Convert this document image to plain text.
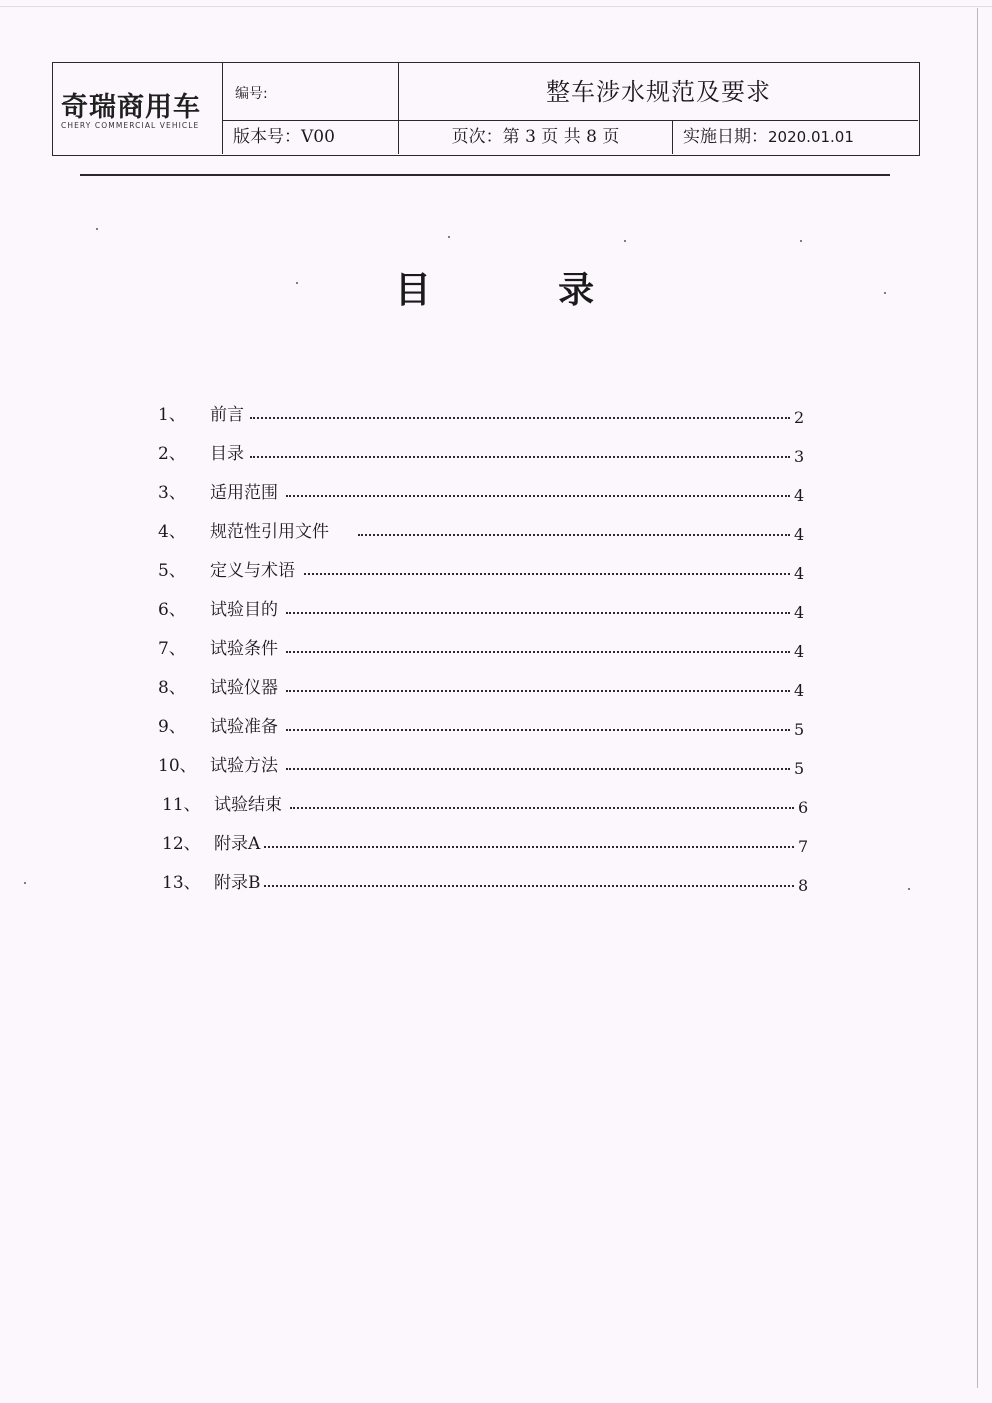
奇瑞商用车
CHERY COMMERCIAL VEHICLE
编号:	整车涉水规范及要求
版本号：V00	页次：第 3 页 共 8 页	实施日期：2020.01.01
目        录
1、 前言	2
2、 目录	3
3、 适用范围	4
4、 规范性引用文件	4
5、 定义与术语	4
6、 试验目的	4
7、 试验条件	4
8、 试验仪器	4
9、 试验准备	5
10、 试验方法	5
11、 试验结束	6
12、 附录A	7
13、 附录B	8
